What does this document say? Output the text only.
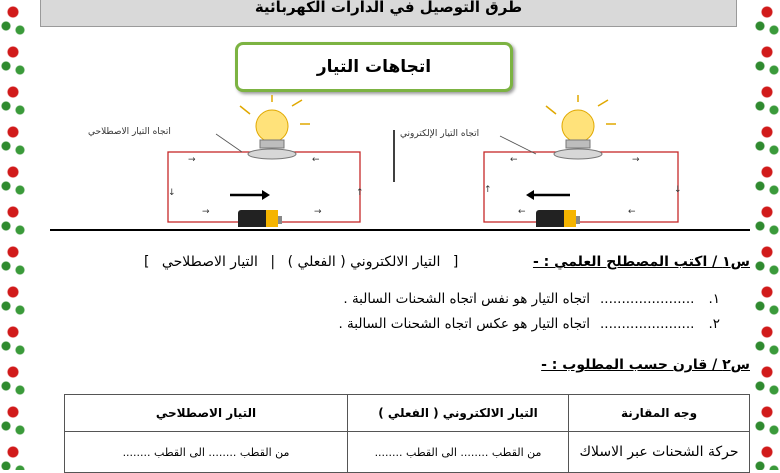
طرق التوصيل في الدارات الكهربائية
اتجاهات التيار
→	←
↓	↑
→	→
اتجاه التيار الاصطلاحي
←	→
↑	↓
←	←
اتجاه التيار الإلكتروني
س١ / اكتب المصطلح العلمي : -
[ التيار الالكتروني ( الفعلي ) | التيار الاصطلاحي ]
١.......................اتجاه التيار هو نفس اتجاه الشحنات السالبة .
٢.......................اتجاه التيار هو عكس اتجاه الشحنات السالبة .
س٢ / قارن حسب المطلوب : -
وجه المقارنة	التيار الالكتروني ( الفعلي )	التيار الاصطلاحي
حركة الشحنات عبر الاسلاك	من القطب ........ الى القطب ........	من القطب ........ الى القطب ........
